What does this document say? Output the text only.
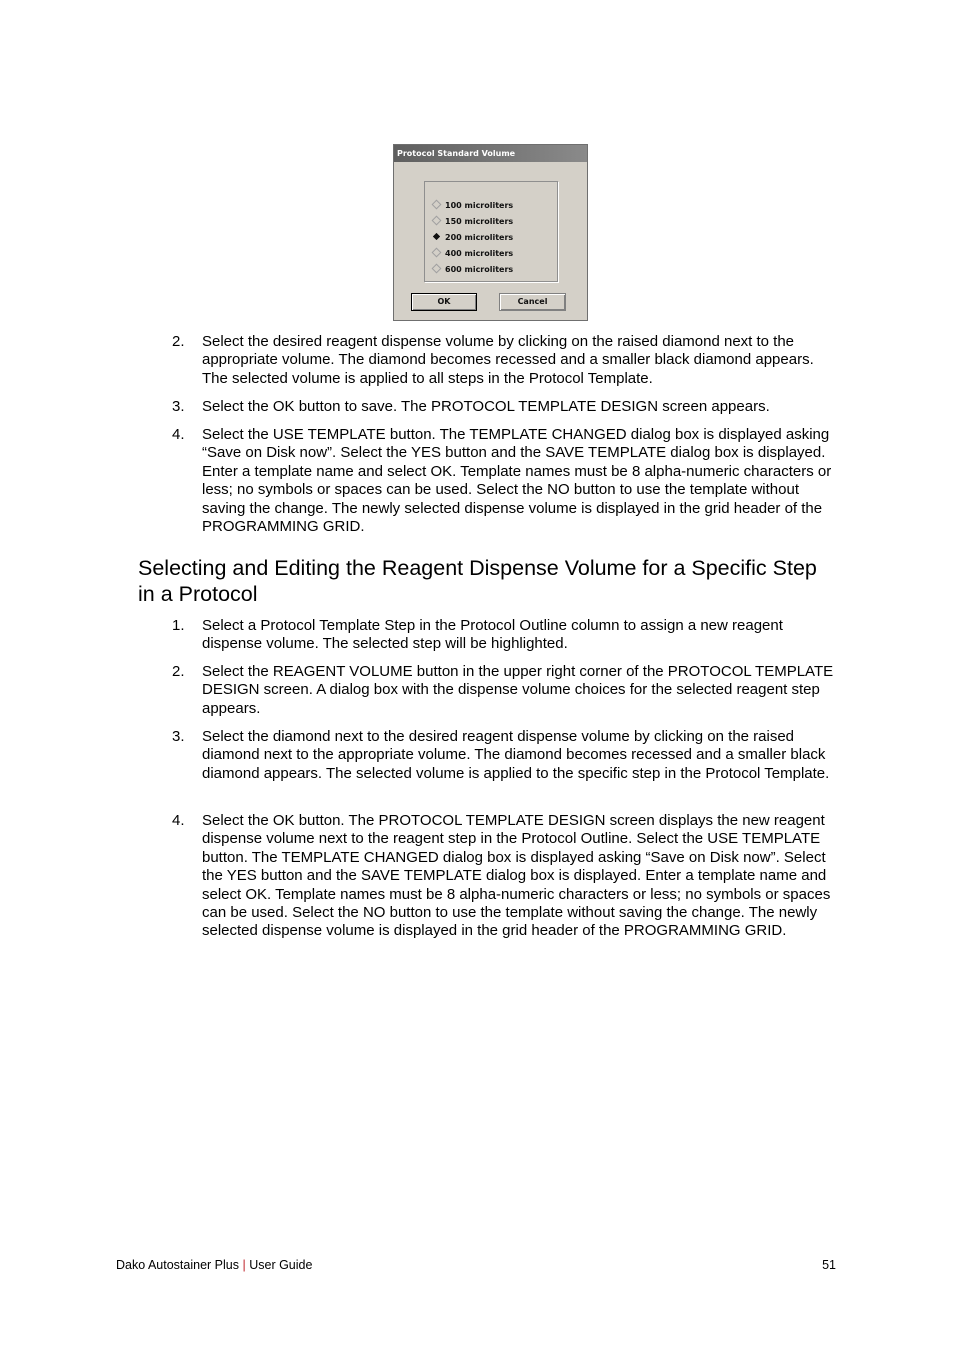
Protocol Standard Volume
100 microliters
150 microliters
200 microliters
400 microliters
600 microliters
OK	Cancel
2. Select the desired reagent dispense volume by clicking on the raised diamond next to the appropriate volume. The diamond becomes recessed and a smaller black diamond appears. The selected volume is applied to all steps in the Protocol Template.
3. Select the OK button to save. The PROTOCOL TEMPLATE DESIGN screen appears.
4. Select the USE TEMPLATE button. The TEMPLATE CHANGED dialog box is displayed asking “Save on Disk now”. Select the YES button and the SAVE TEMPLATE dialog box is displayed. Enter a template name and select OK. Template names must be 8 alpha-numeric characters or less; no symbols or spaces can be used. Select the NO button to use the template without saving the change. The newly selected dispense volume is displayed in the grid header of the PROGRAMMING GRID.
Selecting and Editing the Reagent Dispense Volume for a Specific Step in a Protocol
1. Select a Protocol Template Step in the Protocol Outline column to assign a new reagent dispense volume. The selected step will be highlighted.
2. Select the REAGENT VOLUME button in the upper right corner of the PROTOCOL TEMPLATE DESIGN screen. A dialog box with the dispense volume choices for the selected reagent step appears.
3. Select the diamond next to the desired reagent dispense volume by clicking on the raised diamond next to the appropriate volume. The diamond becomes recessed and a smaller black diamond appears. The selected volume is applied to the specific step in the Protocol Template.
4. Select the OK button. The PROTOCOL TEMPLATE DESIGN screen displays the new reagent dispense volume next to the reagent step in the Protocol Outline. Select the USE TEMPLATE button. The TEMPLATE CHANGED dialog box is displayed asking “Save on Disk now”. Select the YES button and the SAVE TEMPLATE dialog box is displayed. Enter a template name and select OK. Template names must be 8 alpha-numeric characters or less; no symbols or spaces can be used. Select the NO button to use the template without saving the change. The newly selected dispense volume is displayed in the grid header of the PROGRAMMING GRID.
Dako Autostainer Plus | User Guide	51
